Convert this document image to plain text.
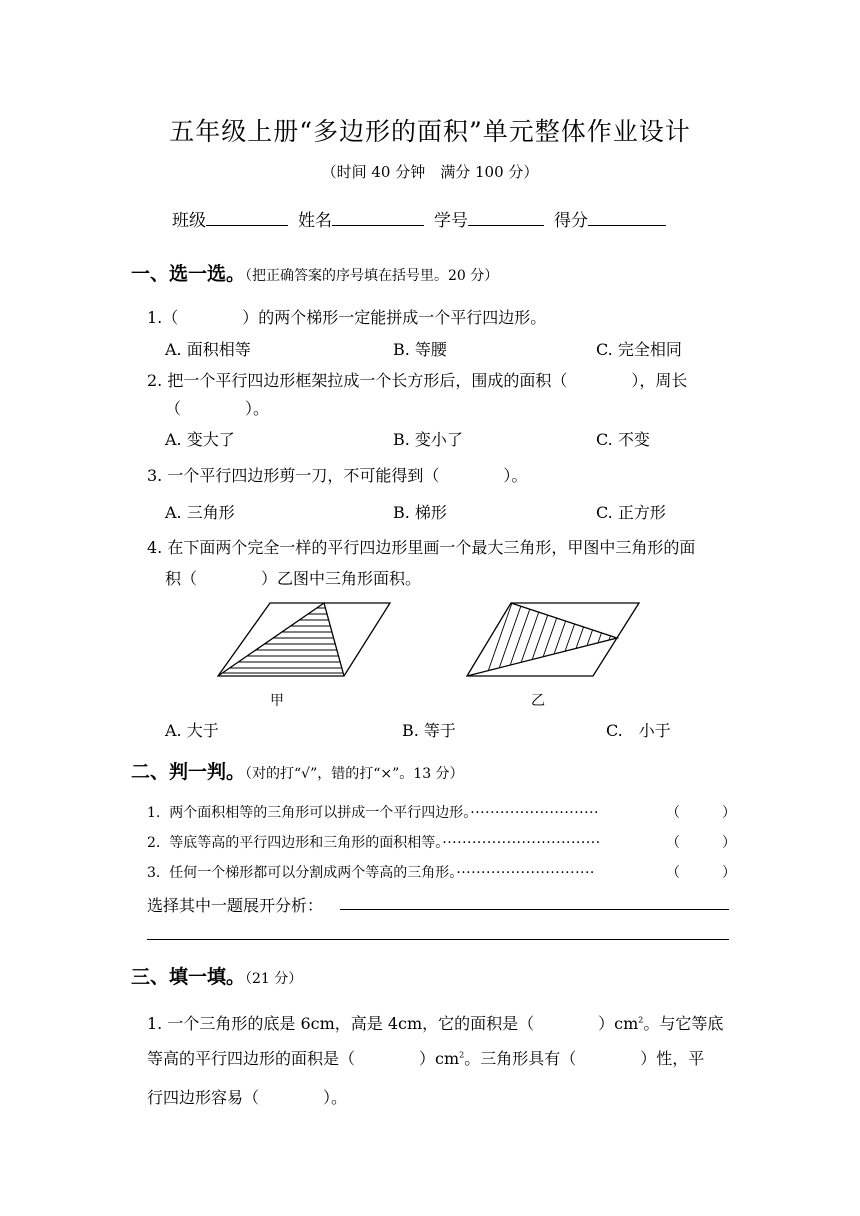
五年级上册“多边形的面积”单元整体作业设计
（时间 40 分钟　满分 100 分）
班级	姓名	学号	得分
一、选一选。（把正确答案的序号填在括号里。20 分）
1.（　　　　）的两个梯形一定能拼成一个平行四边形。
A. 面积相等	B. 等腰	C. 完全相同
2. 把一个平行四边形框架拉成一个长方形后，围成的面积（　　　　），周长
（　　　　）。
A. 变大了	B. 变小了	C. 不变
3. 一个平行四边形剪一刀，不可能得到（　　　　）。
A. 三角形	B. 梯形	C. 正方形
4. 在下面两个完全一样的平行四边形里画一个最大三角形，甲图中三角形的面
积（　　　　）乙图中三角形面积。
甲	乙
A. 大于	B. 等于	C.　小于
二、判一判。（对的打“√”，错的打“×”。13 分）
1. 两个面积相等的三角形可以拼成一个平行四边形。··························	（　　　）
2. 等底等高的平行四边形和三角形的面积相等。································	（　　　）
3. 任何一个梯形都可以分割成两个等高的三角形。····························	（　　　）
选择其中一题展开分析：
三、填一填。（21 分）
1. 一个三角形的底是 6cm，高是 4cm，它的面积是（　　　　）$cm^2$。与它等底
等高的平行四边形的面积是（　　　　）$cm^2$。三角形具有（　　　　）性，平
行四边形容易（　　　　）。
